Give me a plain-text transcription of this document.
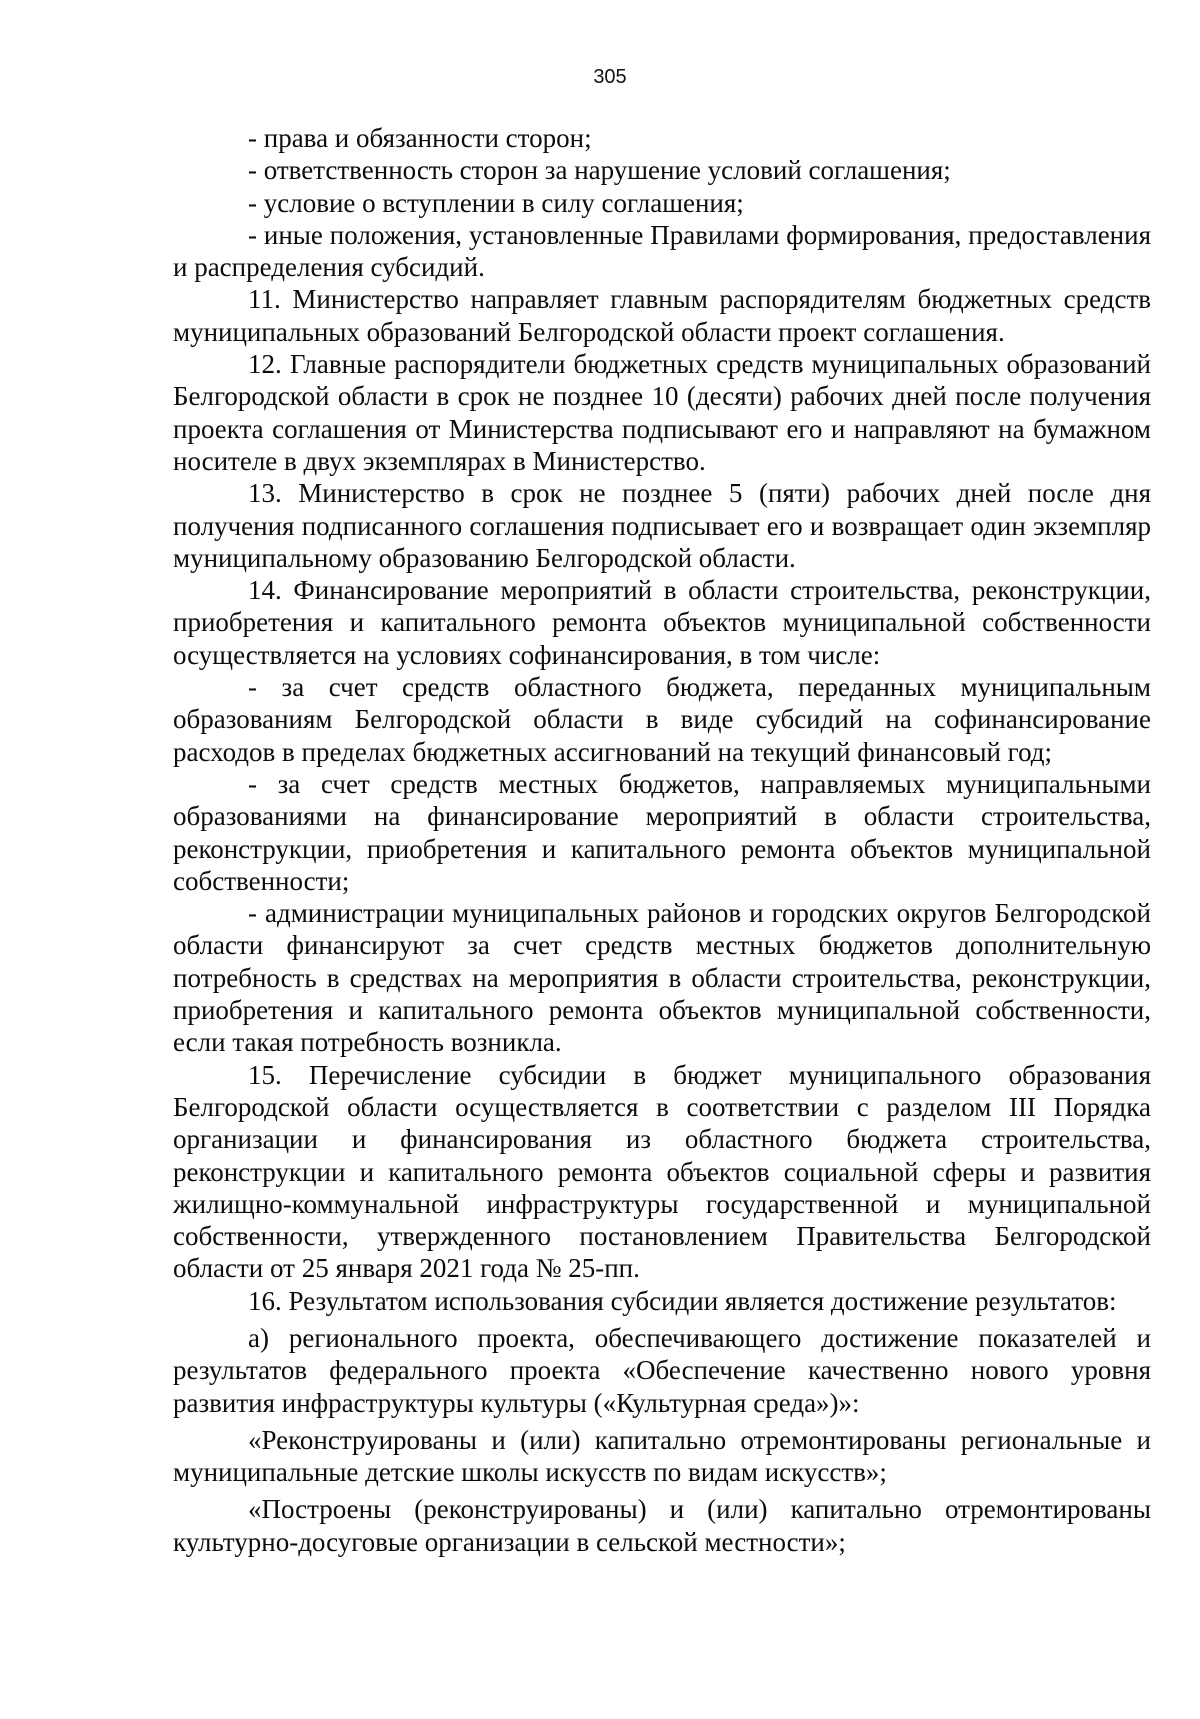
305

- права и обязанности сторон;

- ответственность сторон за нарушение условий соглашения;

- условие о вступлении в силу соглашения;

- иные положения, установленные Правилами формирования, предоставления и распределения субсидий.

11. Министерство направляет главным распорядителям бюджетных средств муниципальных образований Белгородской области проект соглашения.

12. Главные распорядители бюджетных средств муниципальных образований Белгородской области в срок не позднее 10 (десяти) рабочих дней после получения проекта соглашения от Министерства подписывают его и направляют на бумажном носителе в двух экземплярах в Министерство.

13. Министерство в срок не позднее 5 (пяти) рабочих дней после дня получения подписанного соглашения подписывает его и возвращает один экземпляр муниципальному образованию Белгородской области.

14. Финансирование мероприятий в области строительства, реконструкции, приобретения и капитального ремонта объектов муниципальной собственности осуществляется на условиях софинансирования, в том числе:

- за счет средств областного бюджета, переданных муниципальным образованиям Белгородской области в виде субсидий на софинансирование расходов в пределах бюджетных ассигнований на текущий финансовый год;

- за счет средств местных бюджетов, направляемых муниципальными образованиями на финансирование мероприятий в области строительства, реконструкции, приобретения и капитального ремонта объектов муниципальной собственности;

- администрации муниципальных районов и городских округов Белгородской области финансируют за счет средств местных бюджетов дополнительную потребность в средствах на мероприятия в области строительства, реконструкции, приобретения и капитального ремонта объектов муниципальной собственности, если такая потребность возникла.

15. Перечисление субсидии в бюджет муниципального образования Белгородской области осуществляется в соответствии с разделом III Порядка организации и финансирования из областного бюджета строительства, реконструкции и капитального ремонта объектов социальной сферы и развития жилищно-коммунальной инфраструктуры государственной и муниципальной собственности, утвержденного постановлением Правительства Белгородской области от 25 января 2021 года № 25-пп.

16. Результатом использования субсидии является достижение результатов:

а) регионального проекта, обеспечивающего достижение показателей и результатов федерального проекта «Обеспечение качественно нового уровня развития инфраструктуры культуры («Культурная среда»)»:

«Реконструированы и (или) капитально отремонтированы региональные и муниципальные детские школы искусств по видам искусств»;

«Построены (реконструированы) и (или) капитально отремонтированы культурно-досуговые организации в сельской местности»;
